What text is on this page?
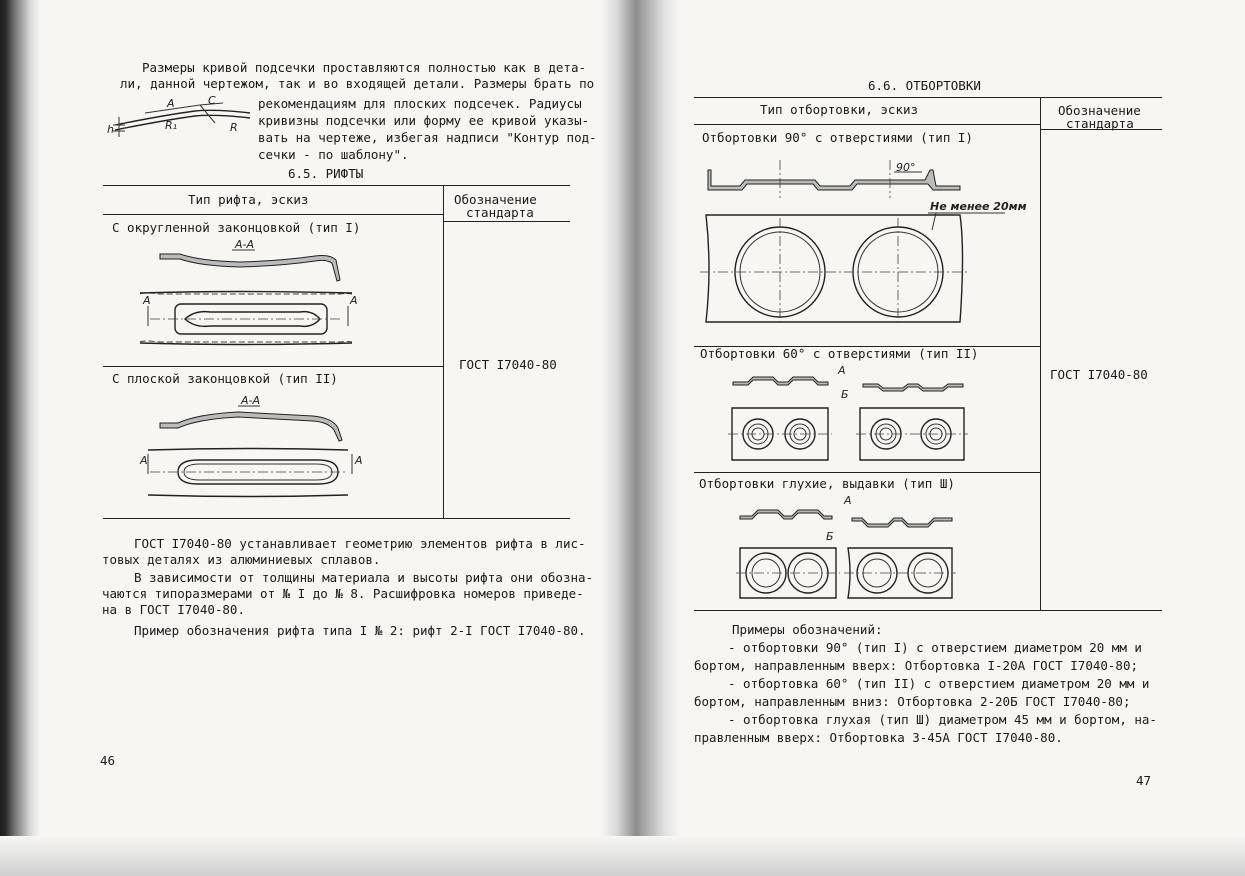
Размеры кривой подсечки проставляются полностью как в дета-
ли, данной чертежом, так и во входящей детали. Размеры брать по
рекомендациям для плоских подсечек. Радиусы
кривизны подсечки или форму ее кривой указы-
вать на чертеже, избегая надписи "Контур под-
сечки - по шаблону".
A	C
R₁	R
h
6.5. РИФТЫ
Тип рифта, эскиз	Обозначение
стандарта
С округленной законцовкой (тип I)
С плоской законцовкой (тип II)
ГОСТ I7040-80
А-А
А	А
А-А
А	А
ГОСТ I7040-80 устанавливает геометрию элементов рифта в лис-
товых деталях из алюминиевых сплавов.
В зависимости от толщины материала и высоты рифта они обозна-
чаются типоразмерами от № I до № 8. Расшифровка номеров приведе-
на в ГОСТ I7040-80.
Пример обозначения рифта типа I № 2: рифт 2-I ГОСТ I7040-80.
46
6.6. ОТБОРТОВКИ
Тип отбортовки, эскиз	Обозначение
стандарта
Отбортовки 90° с отверстиями (тип I)
Отбортовки 60° с отверстиями (тип II)
Отбортовки глухие, выдавки (тип Ш)
ГОСТ I7040-80
90°
Не менее 20мм
А
Б
А
Б
Примеры обозначений:
- отбортовки 90° (тип I) с отверстием диаметром 20 мм и
бортом, направленным вверх: Отбортовка I-20А ГОСТ I7040-80;
- отбортовка 60° (тип II) с отверстием диаметром 20 мм и
бортом, направленным вниз: Отбортовка 2-20Б ГОСТ I7040-80;
- отбортовка глухая (тип Ш) диаметром 45 мм и бортом, на-
правленным вверх: Отбортовка 3-45А ГОСТ I7040-80.
47
